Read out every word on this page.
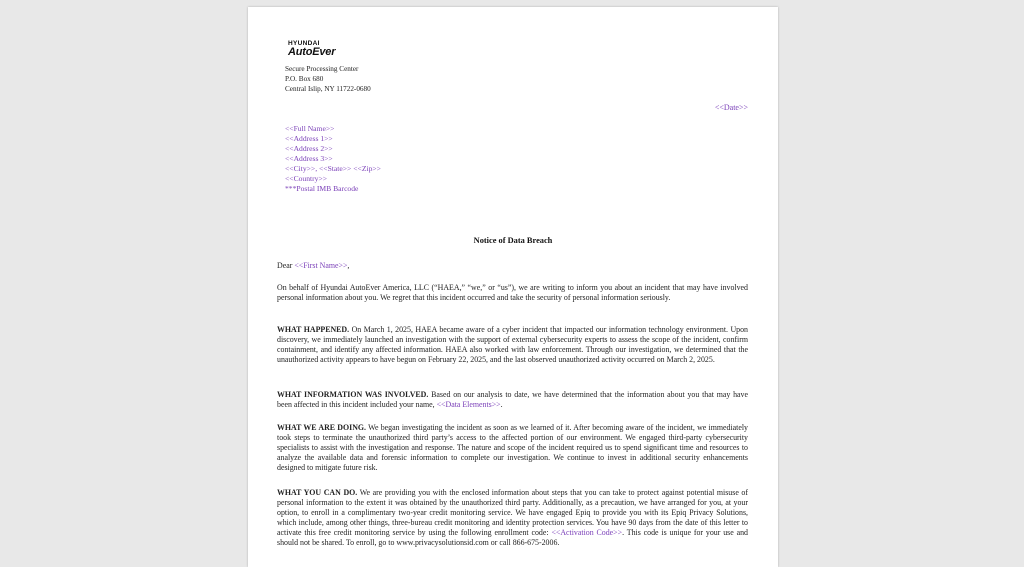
HYUNDAI
AutoEver
Secure Processing Center
P.O. Box 680
Central Islip, NY 11722-0680
<<Date>>
<<Full Name>>
<<Address 1>>
<<Address 2>>
<<Address 3>>
<<City>>, <<State>> <<Zip>>
<<Country>>
***Postal IMB Barcode
Notice of Data Breach
Dear <<First Name>>,

On behalf of Hyundai AutoEver America, LLC (“HAEA,” “we,” or “us”), we are writing to inform you about an incident that may have involved personal information about you. We regret that this incident occurred and take the security of personal information seriously.

WHAT HAPPENED. On March 1, 2025, HAEA became aware of a cyber incident that impacted our information technology environment. Upon discovery, we immediately launched an investigation with the support of external cybersecurity experts to assess the scope of the incident, confirm containment, and identify any affected information. HAEA also worked with law enforcement. Through our investigation, we determined that the unauthorized activity appears to have begun on February 22, 2025, and the last observed unauthorized activity occurred on March 2, 2025.

WHAT INFORMATION WAS INVOLVED. Based on our analysis to date, we have determined that the information about you that may have been affected in this incident included your name, <<Data Elements>>.

WHAT WE ARE DOING. We began investigating the incident as soon as we learned of it. After becoming aware of the incident, we immediately took steps to terminate the unauthorized third party’s access to the affected portion of our environment. We engaged third-party cybersecurity specialists to assist with the investigation and response. The nature and scope of the incident required us to spend significant time and resources to analyze the available data and forensic information to complete our investigation. We continue to invest in additional security enhancements designed to mitigate future risk.

WHAT YOU CAN DO. We are providing you with the enclosed information about steps that you can take to protect against potential misuse of personal information to the extent it was obtained by the unauthorized third party. Additionally, as a precaution, we have arranged for you, at your option, to enroll in a complimentary two-year credit monitoring service. We have engaged Epiq to provide you with its Epiq Privacy Solutions, which include, among other things, three-bureau credit monitoring and identity protection services. You have 90 days from the date of this letter to activate this free credit monitoring service by using the following enrollment code: <<Activation Code>>. This code is unique for your use and should not be shared. To enroll, go to www.privacysolutionsid.com or call 866-675-2006.
